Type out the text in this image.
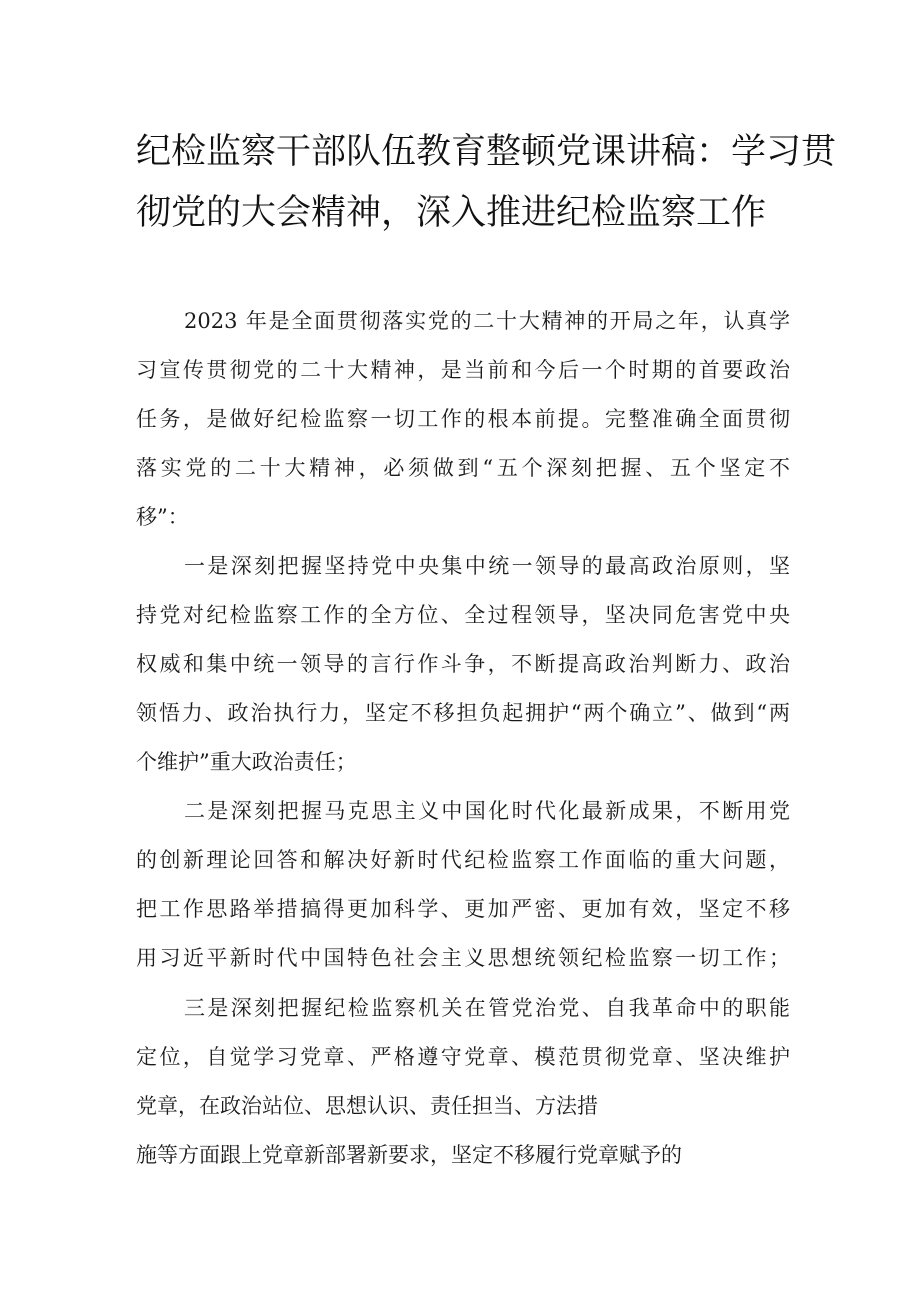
纪检监察干部队伍教育整顿党课讲稿：学习贯
彻党的大会精神，深入推进纪检监察工作
2023 年是全面贯彻落实党的二十大精神的开局之年，认真学
习宣传贯彻党的二十大精神，是当前和今后一个时期的首要政治
任务，是做好纪检监察一切工作的根本前提。完整准确全面贯彻
落实党的二十大精神，必须做到“五个深刻把握、五个坚定不
移”：
一是深刻把握坚持党中央集中统一领导的最高政治原则，坚
持党对纪检监察工作的全方位、全过程领导，坚决同危害党中央
权威和集中统一领导的言行作斗争，不断提高政治判断力、政治
领悟力、政治执行力，坚定不移担负起拥护“两个确立”、做到“两
个维护”重大政治责任；
二是深刻把握马克思主义中国化时代化最新成果，不断用党
的创新理论回答和解决好新时代纪检监察工作面临的重大问题，
把工作思路举措搞得更加科学、更加严密、更加有效，坚定不移
用习近平新时代中国特色社会主义思想统领纪检监察一切工作；
三是深刻把握纪检监察机关在管党治党、自我革命中的职能
定位，自觉学习党章、严格遵守党章、模范贯彻党章、坚决维护
党章，在政治站位、思想认识、责任担当、方法措
施等方面跟上党章新部署新要求，坚定不移履行党章赋予的
